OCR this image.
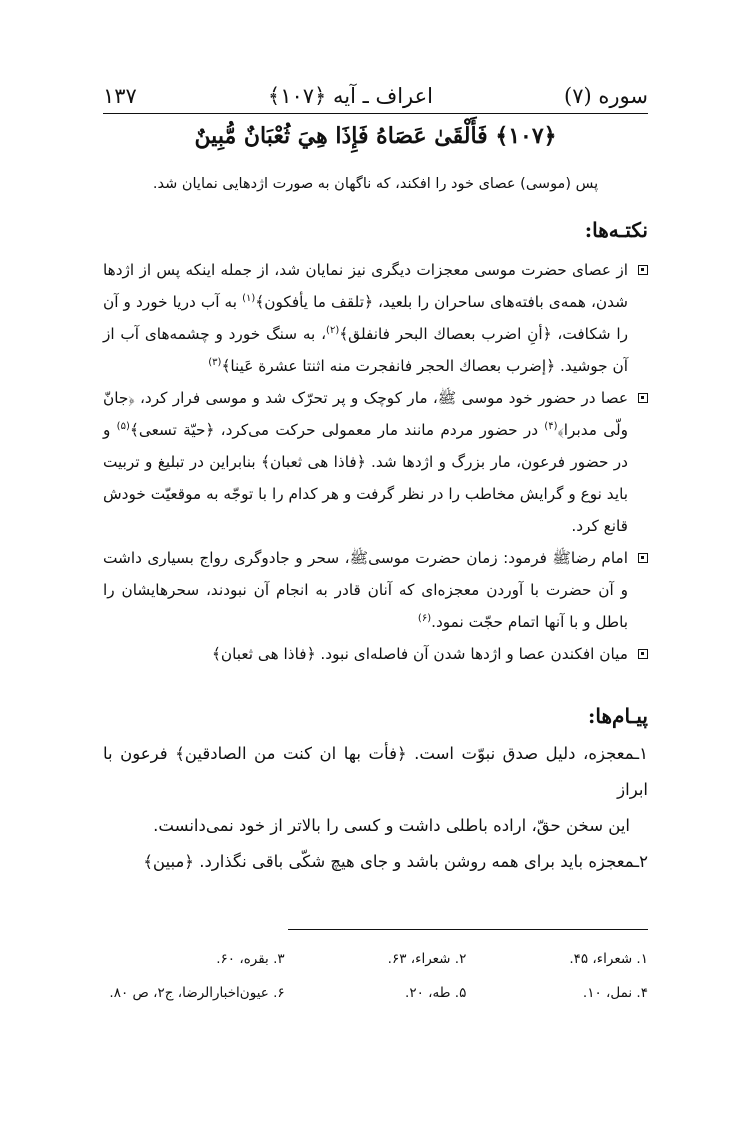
سوره (۷)
اعراف ـ آیه ﴿۱۰۷﴾
۱۳۷
﴿۱۰۷﴾ فَأَلْقَىٰ عَصَاهُ فَإِذَا هِيَ ثُعْبَانٌ مُّبِينٌ
پس (موسی) عصای خود را افکند، که ناگهان به صورت اژدهایی نمایان شد.
نکتـه‌ها:
از عصای حضرت موسی معجزات دیگری نیز نمایان شد، از جمله اینکه پس از اژدها شدن، همه‌ی بافته‌های ساحران را بلعید، ﴿تلقف ما یأفکون﴾$^{(۱)}$ به آب دریا خورد و آن را شکافت، ﴿أنِ اضرب بعصاك البحر فانفلق﴾$^{(۲)}$، به سنگ خورد و چشمه‌های آب از آن جوشید. ﴿إضرب بعصاك الحجر فانفجرت منه اثنتا عشرة عَينا﴾$^{(۳)}$
عصا در حضور خود موسی ﷺ، مار کوچک و پر تحرّک شد و موسی فرار کرد، ﴿جانّ ولّی مدبرا﴾$^{(۴)}$ در حضور مردم مانند مار معمولی حرکت می‌کرد، ﴿حیّة تسعی﴾$^{(۵)}$ و در حضور فرعون، مار بزرگ و اژدها شد. ﴿فاذا هی ثعبان﴾ بنابراین در تبلیغ و تربیت باید نوع و گرایش مخاطب را در نظر گرفت و هر کدام را با توجّه به موقعیّت خودش قانع کرد.
امام رضاﷺ فرمود: زمان حضرت موسیﷺ، سحر و جادوگری رواج بسیاری داشت و آن حضرت با آوردن معجزه‌ای که آنان قادر به انجام آن نبودند، سحرهایشان را باطل و با آنها اتمام حجّت نمود.$^{(۶)}$
میان افکندن عصا و اژدها شدن آن فاصله‌ای نبود. ﴿فاذا هی ثعبان﴾
پیـام‌ها:
۱ـمعجزه، دلیل صدق نبوّت است. ﴿فأت بها ان کنت من الصادقین﴾ فرعون با ابراز
این سخن حقّ، اراده باطلی داشت و کسی را بالاتر از خود نمی‌دانست.
۲ـمعجزه باید برای همه روشن باشد و جای هیچ شکّی باقی نگذارد. ﴿مبین﴾
۱. شعراء، ۴۵.
۲. شعراء، ۶۳.
۳. بقره، ۶۰.
۴. نمل، ۱۰.
۵. طه، ۲۰.
۶. عیون‌اخبارالرضا، ج۲، ص ۸۰.
